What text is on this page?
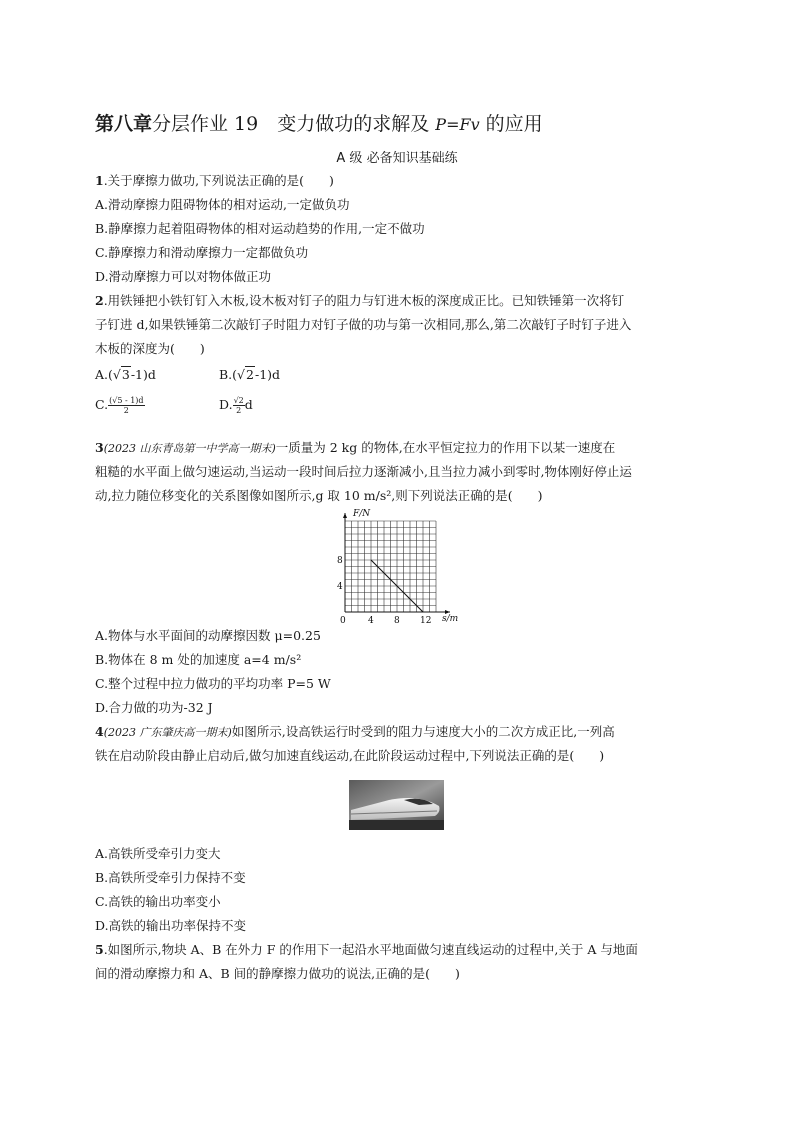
第八章分层作业 19　 变力做功的求解及 P=Fv 的应用
A 级 必备知识基础练
1.关于摩擦力做功,下列说法正确的是(　　)
A.滑动摩擦力阻碍物体的相对运动,一定做负功
B.静摩擦力起着阻碍物体的相对运动趋势的作用,一定不做功
C.静摩擦力和滑动摩擦力一定都做负功
D.滑动摩擦力可以对物体做正功
2.用铁锤把小铁钉钉入木板,设木板对钉子的阻力与钉进木板的深度成正比。已知铁锤第一次将钉
子钉进 d,如果铁锤第二次敲钉子时阻力对钉子做的功与第一次相同,那么,第二次敲钉子时钉子进入
木板的深度为(　　)
A.(√3-1)d	B.(√2-1)d
C. $\frac{(√5 - 1)d}{2}$	D. $\frac{√2}{2}$ d
3(2023 山东青岛第一中学高一期末)一质量为 2 kg 的物体,在水平恒定拉力的作用下以某一速度在
粗糙的水平面上做匀速运动,当运动一段时间后拉力逐渐减小,且当拉力减小到零时,物体刚好停止运
动,拉力随位移变化的关系图像如图所示,g 取 10 m/s²,则下列说法正确的是(　　)
0 4 8 12
4
8
F/N
s/m
A.物体与水平面间的动摩擦因数 μ=0.25
B.物体在 8 m 处的加速度 a=4 m/s²
C.整个过程中拉力做功的平均功率 P=5 W
D.合力做的功为-32 J
4(2023 广东肇庆高一期末)如图所示,设高铁运行时受到的阻力与速度大小的二次方成正比,一列高
铁在启动阶段由静止启动后,做匀加速直线运动,在此阶段运动过程中,下列说法正确的是(　　)
A.高铁所受牵引力变大
B.高铁所受牵引力保持不变
C.高铁的输出功率变小
D.高铁的输出功率保持不变
5.如图所示,物块 A、B 在外力 F 的作用下一起沿水平地面做匀速直线运动的过程中,关于 A 与地面
间的滑动摩擦力和 A、B 间的静摩擦力做功的说法,正确的是(　　)
